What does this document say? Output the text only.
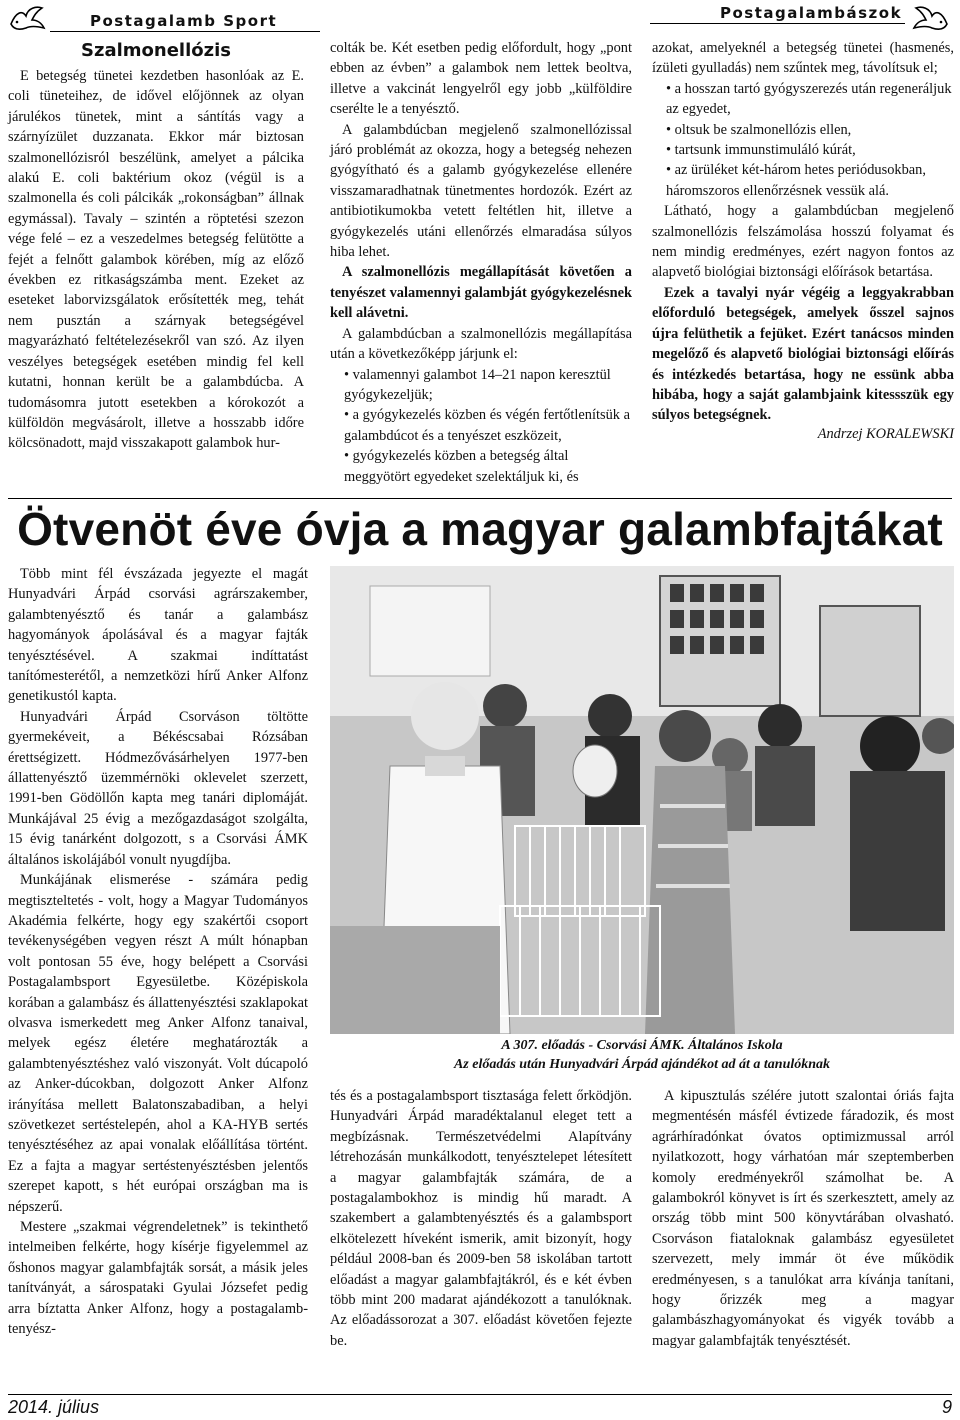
Postagalamb Sport	Postagalambászok
Szalmonellózis

E betegség tünetei kezdetben hasonlóak az E. coli tüneteihez, de idővel előjönnek az olyan járulékos tünetek, mint a sántítás vagy a szárnyízület duzzanata. Ekkor már biztosan szalmonellózisról beszélünk, amelyet a pálcika alakú E. coli baktérium okoz (végül is a szalmonella és coli pálcikák „rokonságban” állnak egymással). Tavaly – szintén a röptetési szezon vége felé – ez a veszedelmes betegség felütötte a fejét a felnőtt galambok körében, míg az előző években ez ritkaságszámba ment. Ezeket az eseteket laborvizsgálatok erősítették meg, tehát nem pusztán a szárnyak betegségével magyarázható feltételezésekről van szó. Az ilyen veszélyes betegségek esetében mindig fel kell kutatni, honnan került be a galambdúcba. A tudomásomra jutott esetekben a kórokozót a külföldön megvásárolt, illetve a hosszabb időre kölcsönadott, majd visszakapott galambok hur-

colták be. Két esetben pedig előfordult, hogy „pont ebben az évben” a galambok nem lettek beoltva, illetve a vakcinát lengyelről egy jobb „külföldire cserélte le a tenyésztő.

A galambdúcban megjelenő szalmonellózissal járó problémát az okozza, hogy a betegség nehezen gyógyítható és a galamb gyógykezelése ellenére visszamaradhatnak tünetmentes hordozók. Ezért az antibiotikumokba vetett feltétlen hit, illetve a gyógykezelés utáni ellenőrzés elmaradása súlyos hiba lehet.

A szalmonellózis megállapítását követően a tenyészet valamennyi galambját gyógykezelésnek kell alávetni.

A galambdúcban a szalmonellózis megállapítása után a következőképp járjunk el:

• valamennyi galambot 14–21 napon keresztül gyógykezeljük;

• a gyógykezelés közben és végén fertőtlenítsük a galambdúcot és a tenyészet eszközeit,

• gyógykezelés közben a betegség által meggyötört egyedeket szelektáljuk ki, és

azokat, amelyeknél a betegség tünetei (hasmenés, ízületi gyulladás) nem szűntek meg, távolítsuk el;

• a hosszan tartó gyógyszerezés után regeneráljuk az egyedet,

• oltsuk be szalmonellózis ellen,

• tartsunk immunstimuláló kúrát,

• az ürüléket két-három hetes periódusokban, háromszoros ellenőrzésnek vessük alá.

Látható, hogy a galambdúcban megjelenő szalmonellózis felszámolása hosszú folyamat és nem mindig eredményes, ezért nagyon fontos az alapvető biológiai biztonsági előírások betartása.

Ezek a tavalyi nyár végéig a leggyakrabban előforduló betegségek, amelyek ősszel sajnos újra felüthetik a fejüket. Ezért tanácsos minden megelőző és alapvető biológiai biztonsági előírás és intézkedés betartása, hogy ne essünk abba hibába, hogy a saját galambjaink kitessszük egy súlyos betegségnek.

Andrzej KORALEWSKI
Ötvenöt éve óvja a magyar galambfajtákat

Több mint fél évszázada jegyezte el magát Hunyadvári Árpád csorvási agrárszakember, galambtenyésztő és tanár a galambász hagyományok ápolásával és a magyar fajták tenyésztésével. A szakmai indíttatást tanítómesterétől, a nemzetközi hírű Anker Alfonz genetikustól kapta.

Hunyadvári Árpád Csorváson töltötte gyermekéveit, a Békéscsabai Rózsában érettségizett. Hódmezővásárhelyen 1977-ben állattenyésztő üzemmérnöki oklevelet szerzett, 1991-ben Gödöllőn kapta meg tanári diplomáját. Munkájával 25 évig a mezőgazdaságot szolgálta, 15 évig tanárként dolgozott, s a Csorvási ÁMK általános iskolájából vonult nyugdíjba.

Munkájának elismerése - számára pedig megtiszteltetés - volt, hogy a Magyar Tudományos Akadémia felkérte, hogy egy szakértői csoport tevékenységében vegyen részt A múlt hónapban volt pontosan 55 éve, hogy belépett a Csorvási Postagalambsport Egyesületbe. Középiskola korában a galambász és állattenyésztési szaklapokat olvasva ismerkedett meg Anker Alfonz tanaival, melyek egész életére meghatározták a galambtenyésztéshez való viszonyát. Volt dúcapoló az Anker-dúcokban, dolgozott Anker Alfonz irányítása mellett Balatonszabadiban, a helyi szövetkezet sertéstelepén, ahol a KA-HYB sertés tenyésztéséhez az apai vonalak előállítása történt. Ez a fajta a magyar sertéstenyésztésben jelentős szerepet kapott, s hét európai országban ma is népszerű.

Mestere „szakmai végrendeletnek” is tekinthető intelmeiben felkérte, hogy kísérje figyelemmel az őshonos magyar galambfajták sorsát, a másik jeles tanítványát, a sárospataki Gyulai Józsefet pedig arra bíztatta Anker Alfonz, hogy a postagalamb-tenyész-

A 307. előadás - Csorvási ÁMK. Általános Iskola
Az előadás után Hunyadvári Árpád ajándékot ad át a tanulóknak

tés és a postagalambsport tisztasága felett őrködjön. Hunyadvári Árpád maradéktalanul eleget tett a megbízásnak. Természetvédelmi Alapítvány létrehozásán munkálkodott, tenyésztelepet létesített a magyar galambfajták számára, de a postagalambokhoz is mindig hű maradt. A szakembert a galambtenyésztés és a galambsport elkötelezett híveként ismerik, amit bizonyít, hogy például 2008-ban és 2009-ben 58 iskolában tartott előadást a magyar galambfajtákról, és e két évben több mint 200 madarat ajándékozott a tanulóknak. Az előadássorozat a 307. előadást követően fejezte be.

A kipusztulás szélére jutott szalontai óriás fajta megmentésén másfél évtizede fáradozik, és most agrárhíradónkat óvatos optimizmussal arról nyilatkozott, hogy várhatóan már szeptemberben komoly eredményekről számolhat be. A galambokról könyvet is írt és szerkesztett, amely az ország több mint 500 könyvtárában olvasható. Csorváson fiataloknak galambász egyesületet szervezett, mely immár öt éve működik eredményesen, s a tanulókat arra kívánja tanítani, hogy őrizzék meg a magyar galambászhagyományokat és vigyék tovább a magyar galambfajták tenyésztését.

2014. július	9
